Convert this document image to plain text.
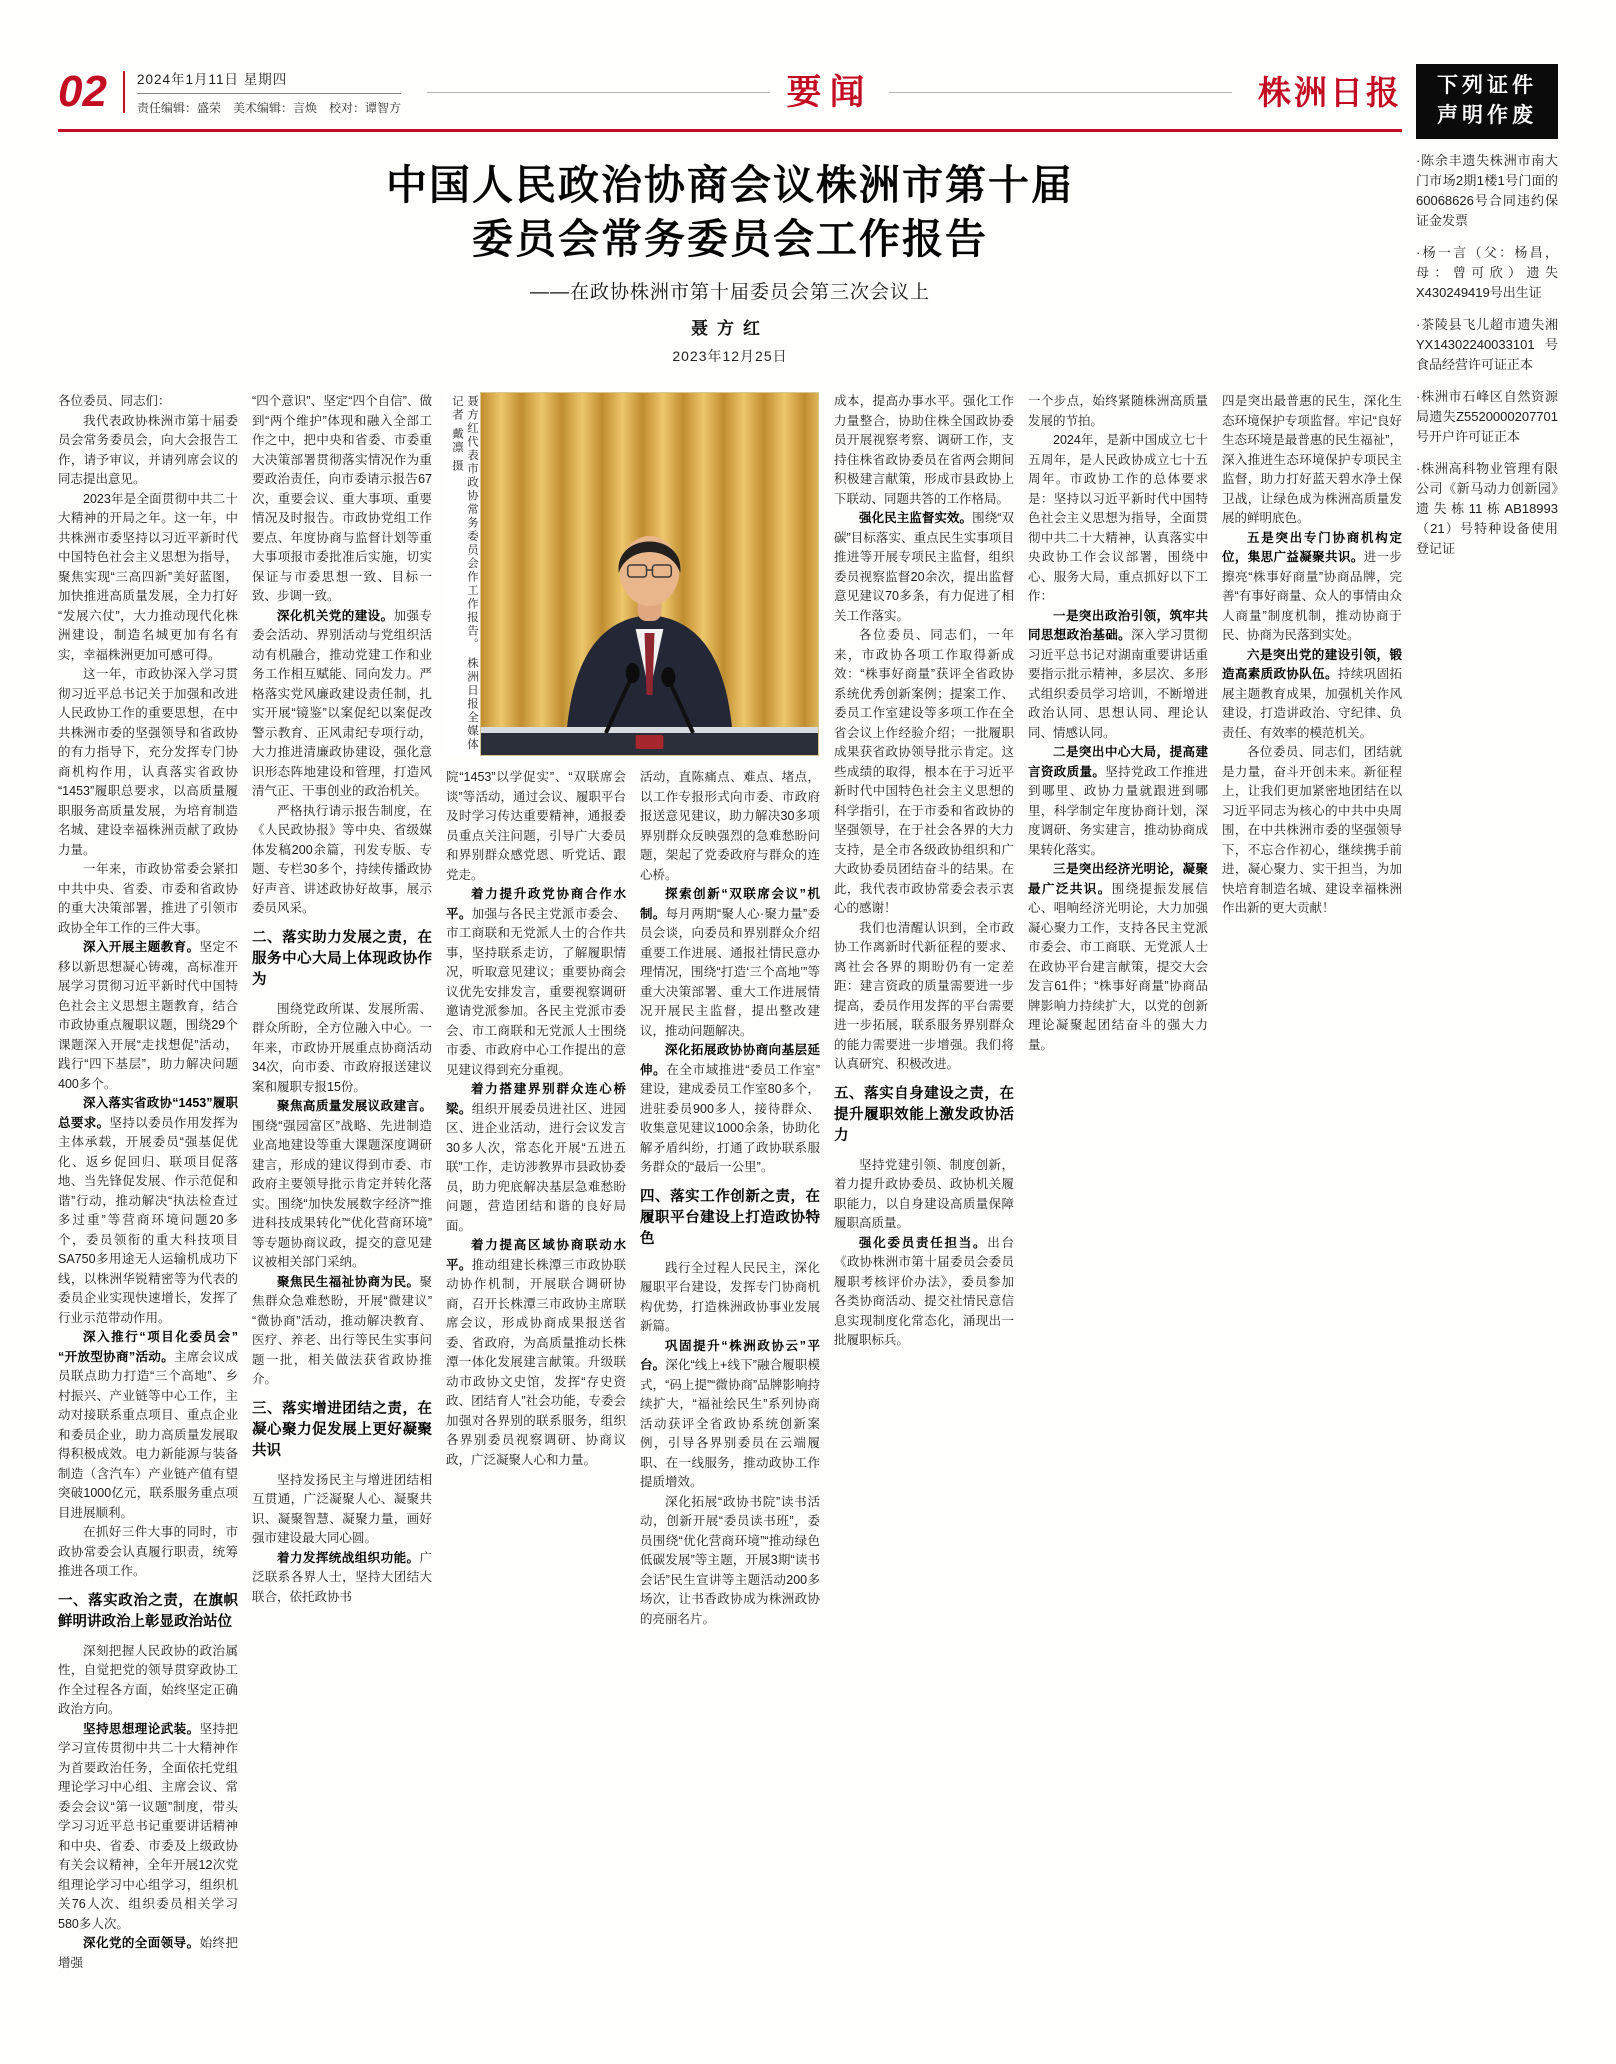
02 2024年1月11日 星期四
责任编辑：盛荣　美术编辑：言焕　校对：谭智方	要闻	株洲日报
中国人民政治协商会议株洲市第十届
委员会常务委员会工作报告
——在政协株洲市第十届委员会第三次会议上
聂方红
2023年12月25日
聂方红代表市政协常务委员会作工作报告。 株洲日报全媒体记者 戴凛 摄

各位委员、同志们：

我代表政协株洲市第十届委员会常务委员会，向大会报告工作，请予审议，并请列席会议的同志提出意见。

2023年是全面贯彻中共二十大精神的开局之年。这一年，中共株洲市委坚持以习近平新时代中国特色社会主义思想为指导，聚焦实现“三高四新”美好蓝图，加快推进高质量发展，全力打好“发展六仗”，大力推动现代化株洲建设，制造名城更加有名有实，幸福株洲更加可感可得。

这一年，市政协深入学习贯彻习近平总书记关于加强和改进人民政协工作的重要思想，在中共株洲市委的坚强领导和省政协的有力指导下，充分发挥专门协商机构作用，认真落实省政协“1453”履职总要求，以高质量履职服务高质量发展，为培育制造名城、建设幸福株洲贡献了政协力量。

一年来，市政协常委会紧扣中共中央、省委、市委和省政协的重大决策部署，推进了引领市政协全年工作的三件大事。

深入开展主题教育。坚定不移以新思想凝心铸魂，高标准开展学习贯彻习近平新时代中国特色社会主义思想主题教育，结合市政协重点履职议题，围绕29个课题深入开展“走找想促”活动，践行“四下基层”，助力解决问题400多个。

深入落实省政协“1453”履职总要求。坚持以委员作用发挥为主体承载，开展委员“强基促优化、返乡促回归、联项目促落地、当先锋促发展、作示范促和谐”行动，推动解决“执法检查过多过重”等营商环境问题20多个，委员领衔的重大科技项目SA750多用途无人运输机成功下线，以株洲华锐精密等为代表的委员企业实现快速增长，发挥了行业示范带动作用。

深入推行“项目化委员会”“开放型协商”活动。主席会议成员联点助力打造“三个高地”、乡村振兴、产业链等中心工作，主动对接联系重点项目、重点企业和委员企业，助力高质量发展取得积极成效。电力新能源与装备制造（含汽车）产业链产值有望突破1000亿元，联系服务重点项目进展顺利。

在抓好三件大事的同时，市政协常委会认真履行职责，统筹推进各项工作。

一、落实政治之责，在旗帜鲜明讲政治上彰显政治站位

深刻把握人民政协的政治属性，自觉把党的领导贯穿政协工作全过程各方面，始终坚定正确政治方向。

坚持思想理论武装。坚持把学习宣传贯彻中共二十大精神作为首要政治任务，全面依托党组理论学习中心组、主席会议、常委会会议“第一议题”制度，带头学习习近平总书记重要讲话精神和中央、省委、市委及上级政协有关会议精神，全年开展12次党组理论学习中心组学习，组织机关76人次、组织委员相关学习580多人次。

深化党的全面领导。始终把增强

“四个意识”、坚定“四个自信”、做到“两个维护”体现和融入全部工作之中，把中央和省委、市委重大决策部署贯彻落实情况作为重要政治责任，向市委请示报告67次，重要会议、重大事项、重要情况及时报告。市政协党组工作要点、年度协商与监督计划等重大事项报市委批准后实施，切实保证与市委思想一致、目标一致、步调一致。

深化机关党的建设。加强专委会活动、界别活动与党组织活动有机融合，推动党建工作和业务工作相互赋能、同向发力。严格落实党风廉政建设责任制，扎实开展“镜鉴”以案促纪以案促改警示教育、正风肃纪专项行动，大力推进清廉政协建设，强化意识形态阵地建设和管理，打造风清气正、干事创业的政治机关。

严格执行请示报告制度，在《人民政协报》等中央、省级媒体发稿200余篇，刊发专版、专题、专栏30多个，持续传播政协好声音、讲述政协好故事，展示委员风采。

二、落实助力发展之责，在服务中心大局上体现政协作为

围绕党政所谋、发展所需、群众所盼，全方位融入中心。一年来，市政协开展重点协商活动34次，向市委、市政府报送建议案和履职专报15份。

聚焦高质量发展议政建言。围绕“强园富区”战略、先进制造业高地建设等重大课题深度调研建言，形成的建议得到市委、市政府主要领导批示肯定并转化落实。围绕“加快发展数字经济”“推进科技成果转化”“优化营商环境”等专题协商议政，提交的意见建议被相关部门采纳。

聚焦民生福祉协商为民。聚焦群众急难愁盼，开展“微建议”“微协商”活动，推动解决教育、医疗、养老、出行等民生实事问题一批，相关做法获省政协推介。

三、落实增进团结之责，在凝心聚力促发展上更好凝聚共识

坚持发扬民主与增进团结相互贯通，广泛凝聚人心、凝聚共识、凝聚智慧、凝聚力量，画好强市建设最大同心圆。

着力发挥统战组织功能。广泛联系各界人士，坚持大团结大联合，依托政协书

院“1453”以学促实”、“双联席会谈”等活动，通过会议、履职平台及时学习传达重要精神，通报委员重点关注问题，引导广大委员和界别群众感党恩、听党话、跟党走。

着力提升政党协商合作水平。加强与各民主党派市委会、市工商联和无党派人士的合作共事，坚持联系走访，了解履职情况，听取意见建议；重要协商会议优先安排发言，重要视察调研邀请党派参加。各民主党派市委会、市工商联和无党派人士围绕市委、市政府中心工作提出的意见建议得到充分重视。

着力搭建界别群众连心桥梁。组织开展委员进社区、进园区、进企业活动，进行会议发言30多人次，常态化开展“五进五联”工作，走访涉教界市县政协委员，助力兜底解决基层急难愁盼问题，营造团结和谐的良好局面。

着力提高区域协商联动水平。推动组建长株潭三市政协联动协作机制，开展联合调研协商，召开长株潭三市政协主席联席会议，形成协商成果报送省委、省政府，为高质量推动长株潭一体化发展建言献策。升级联动市政协文史馆，发挥“存史资政、团结育人”社会功能，专委会加强对各界别的联系服务，组织各界别委员视察调研、协商议政，广泛凝聚人心和力量。

活动，直陈痛点、难点、堵点，以工作专报形式向市委、市政府报送意见建议，助力解决30多项界别群众反映强烈的急难愁盼问题，架起了党委政府与群众的连心桥。

探索创新“双联席会议”机制。每月两期“聚人心·聚力量”委员会谈，向委员和界别群众介绍重要工作进展、通报社情民意办理情况，围绕“打造‘三个高地’”等重大决策部署、重大工作进展情况开展民主监督，提出整改建议，推动问题解决。

深化拓展政协协商向基层延伸。在全市域推进“委员工作室”建设，建成委员工作室80多个，进驻委员900多人，接待群众、收集意见建议1000余条，协助化解矛盾纠纷，打通了政协联系服务群众的“最后一公里”。

四、落实工作创新之责，在履职平台建设上打造政协特色

践行全过程人民民主，深化履职平台建设，发挥专门协商机构优势，打造株洲政协事业发展新篇。

巩固提升“株洲政协云”平台。深化“线上+线下”融合履职模式，“码上提”“微协商”品牌影响持续扩大，“福祉绘民生”系列协商活动获评全省政协系统创新案例，引导各界别委员在云端履职、在一线服务，推动政协工作提质增效。

深化拓展“政协书院”读书活动，创新开展“委员读书班”，委员围绕“优化营商环境”“推动绿色低碳发展”等主题，开展3期“读书会话”民生宣讲等主题活动200多场次，让书香政协成为株洲政协的亮丽名片。

成本，提高办事水平。强化工作力量整合，协助住株全国政协委员开展视察考察、调研工作，支持住株省政协委员在省两会期间积极建言献策，形成市县政协上下联动、同题共答的工作格局。

强化民主监督实效。围绕“双碳”目标落实、重点民生实事项目推进等开展专项民主监督，组织委员视察监督20余次，提出监督意见建议70多条，有力促进了相关工作落实。

各位委员、同志们，一年来，市政协各项工作取得新成效：“株事好商量”获评全省政协系统优秀创新案例；提案工作、委员工作室建设等多项工作在全省会议上作经验介绍；一批履职成果获省政协领导批示肯定。这些成绩的取得，根本在于习近平新时代中国特色社会主义思想的科学指引，在于市委和省政协的坚强领导，在于社会各界的大力支持，是全市各级政协组织和广大政协委员团结奋斗的结果。在此，我代表市政协常委会表示衷心的感谢！

我们也清醒认识到，全市政协工作离新时代新征程的要求、离社会各界的期盼仍有一定差距：建言资政的质量需要进一步提高，委员作用发挥的平台需要进一步拓展，联系服务界别群众的能力需要进一步增强。我们将认真研究、积极改进。

五、落实自身建设之责，在提升履职效能上激发政协活力

坚持党建引领、制度创新，着力提升政协委员、政协机关履职能力，以自身建设高质量保障履职高质量。

强化委员责任担当。出台《政协株洲市第十届委员会委员履职考核评价办法》，委员参加各类协商活动、提交社情民意信息实现制度化常态化，涌现出一批履职标兵。

一个步点，始终紧随株洲高质量发展的节拍。

2024年，是新中国成立七十五周年，是人民政协成立七十五周年。市政协工作的总体要求是：坚持以习近平新时代中国特色社会主义思想为指导，全面贯彻中共二十大精神，认真落实中央政协工作会议部署，围绕中心、服务大局，重点抓好以下工作：

一是突出政治引领，筑牢共同思想政治基础。深入学习贯彻习近平总书记对湖南重要讲话重要指示批示精神，多层次、多形式组织委员学习培训，不断增进政治认同、思想认同、理论认同、情感认同。

二是突出中心大局，提高建言资政质量。坚持党政工作推进到哪里、政协力量就跟进到哪里，科学制定年度协商计划，深度调研、务实建言，推动协商成果转化落实。

三是突出经济光明论，凝聚最广泛共识。围绕提振发展信心、唱响经济光明论，大力加强凝心聚力工作，支持各民主党派市委会、市工商联、无党派人士在政协平台建言献策，提交大会发言61件；“株事好商量”协商品牌影响力持续扩大，以党的创新理论凝聚起团结奋斗的强大力量。

四是突出最普惠的民生，深化生态环境保护专项监督。牢记“良好生态环境是最普惠的民生福祉”，深入推进生态环境保护专项民主监督，助力打好蓝天碧水净土保卫战，让绿色成为株洲高质量发展的鲜明底色。

五是突出专门协商机构定位，集思广益凝聚共识。进一步擦亮“株事好商量”协商品牌，完善“有事好商量、众人的事情由众人商量”制度机制，推动协商于民、协商为民落到实处。

六是突出党的建设引领，锻造高素质政协队伍。持续巩固拓展主题教育成果，加强机关作风建设，打造讲政治、守纪律、负责任、有效率的模范机关。

各位委员、同志们，团结就是力量，奋斗开创未来。新征程上，让我们更加紧密地团结在以习近平同志为核心的中共中央周围，在中共株洲市委的坚强领导下，不忘合作初心，继续携手前进，凝心聚力、实干担当，为加快培育制造名城、建设幸福株洲作出新的更大贡献！

下列证件
声明作废

·陈余丰遗失株洲市南大门市场2期1楼1号门面的60068626号合同违约保证金发票

·杨一言（父：杨昌，母：曾可欣）遗失X430249419号出生证

·茶陵县飞儿超市遗失湘YX14302240033101号食品经营许可证正本

·株洲市石峰区自然资源局遗失Z5520000207701号开户许可证正本

·株洲高科物业管理有限公司《新马动力创新园》遗失栋11栋AB18993（21）号特种设备使用登记证
